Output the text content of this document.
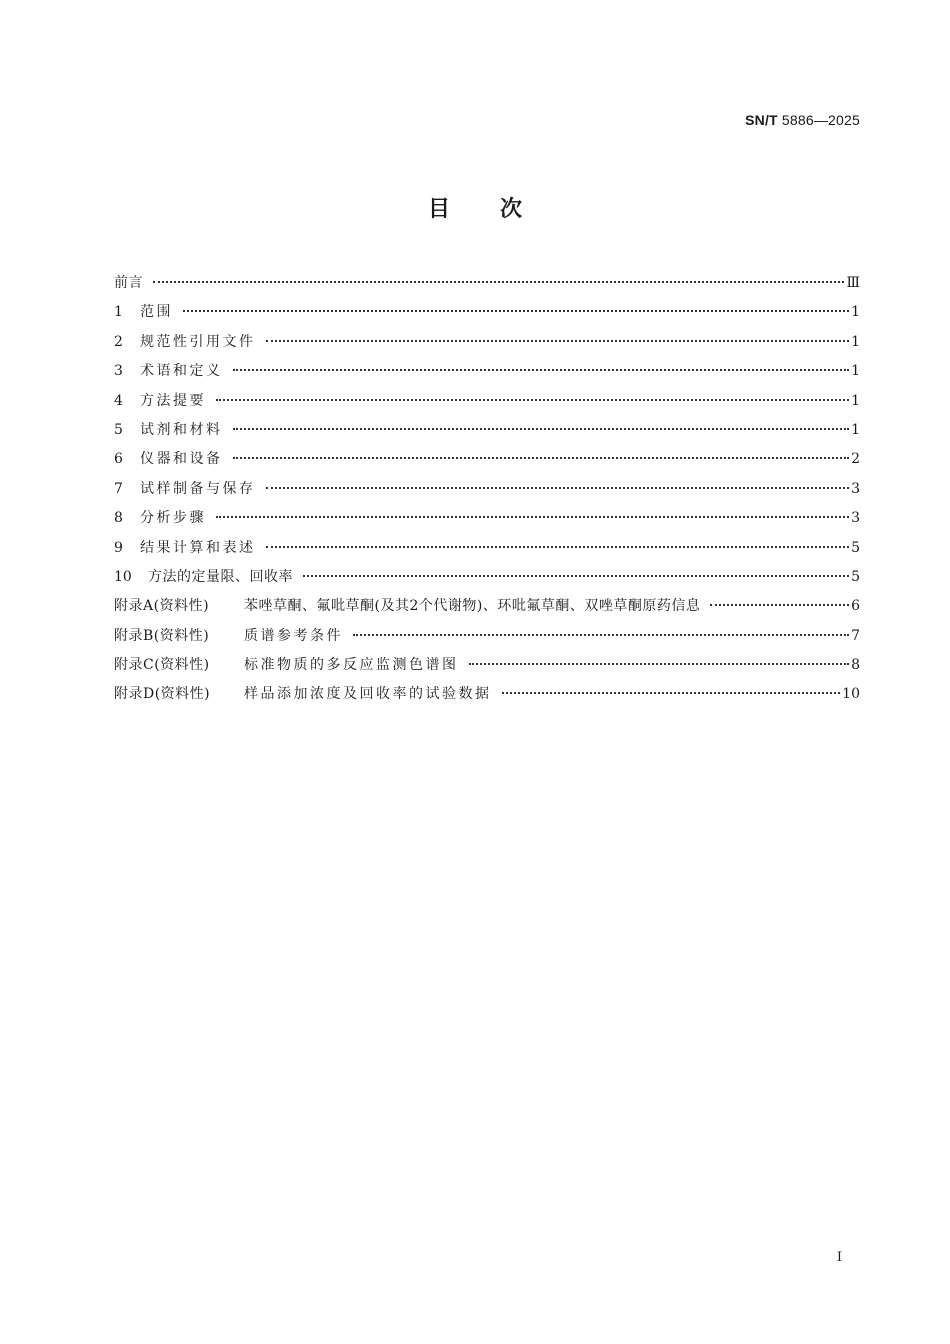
SN/T 5886—2025
目次
前言	Ⅲ
1	范围	1
2	规范性引用文件	1
3	术语和定义	1
4	方法提要	1
5	试剂和材料	1
6	仪器和设备	2
7	试样制备与保存	3
8	分析步骤	3
9	结果计算和表述	5
10	方法的定量限、回收率	5
附录A(资料性)	苯唑草酮、氟吡草酮(及其2个代谢物)、环吡氟草酮、双唑草酮原药信息	6
附录B(资料性)	质谱参考条件	7
附录C(资料性)	标准物质的多反应监测色谱图	8
附录D(资料性)	样品添加浓度及回收率的试验数据	10
I
